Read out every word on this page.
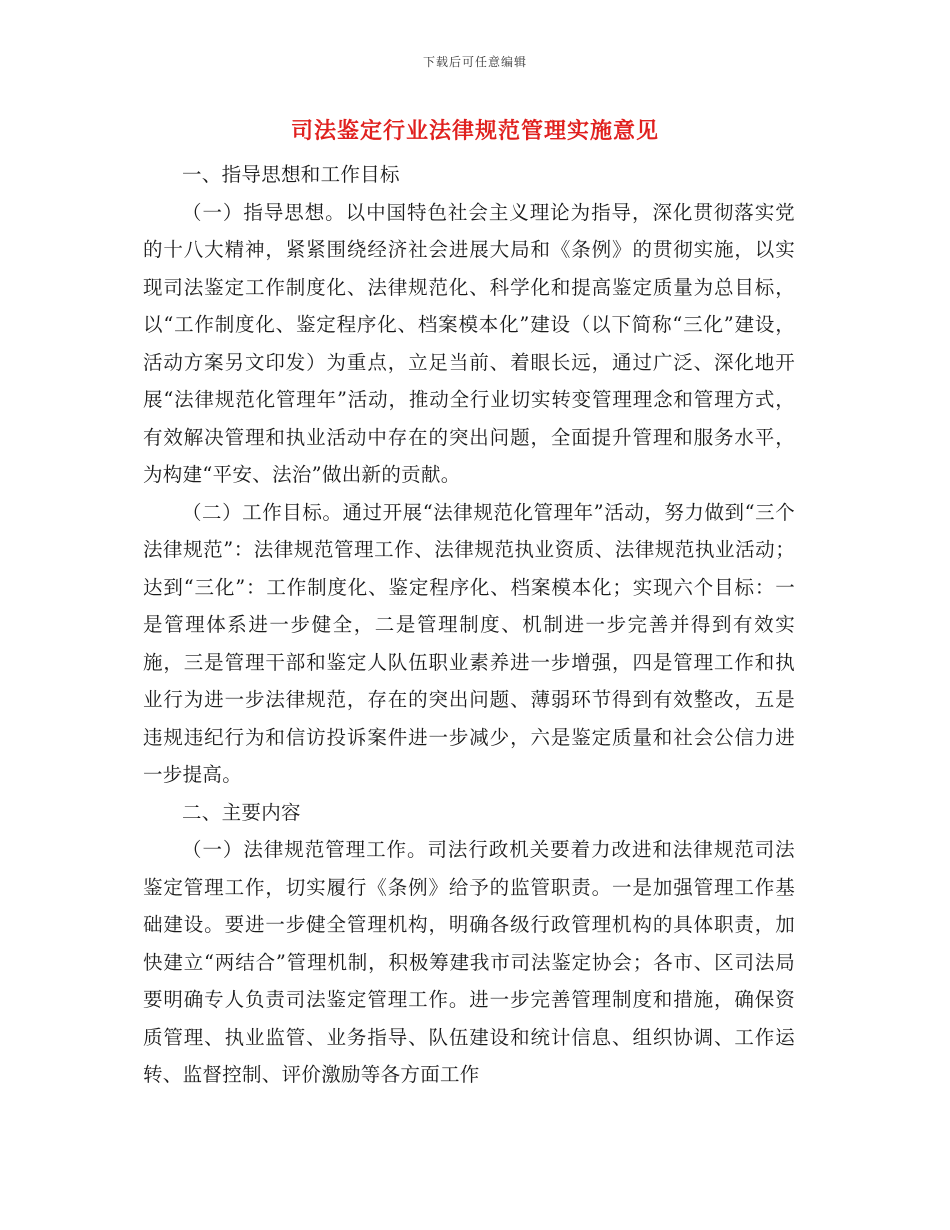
下载后可任意编辑
司法鉴定行业法律规范管理实施意见

一、指导思想和工作目标

（一）指导思想。以中国特色社会主义理论为指导，深化贯彻落实党的十八大精神，紧紧围绕经济社会进展大局和《条例》的贯彻实施，以实现司法鉴定工作制度化、法律规范化、科学化和提高鉴定质量为总目标，以“工作制度化、鉴定程序化、档案模本化”建设（以下简称“三化”建设，活动方案另文印发）为重点，立足当前、着眼长远，通过广泛、深化地开展“法律规范化管理年”活动，推动全行业切实转变管理理念和管理方式，有效解决管理和执业活动中存在的突出问题，全面提升管理和服务水平，为构建“平安、法治”做出新的贡献。

（二）工作目标。通过开展“法律规范化管理年”活动，努力做到“三个法律规范”：法律规范管理工作、法律规范执业资质、法律规范执业活动；达到“三化”：工作制度化、鉴定程序化、档案模本化；实现六个目标：一是管理体系进一步健全，二是管理制度、机制进一步完善并得到有效实施，三是管理干部和鉴定人队伍职业素养进一步增强，四是管理工作和执业行为进一步法律规范，存在的突出问题、薄弱环节得到有效整改，五是违规违纪行为和信访投诉案件进一步减少，六是鉴定质量和社会公信力进一步提高。

二、主要内容

（一）法律规范管理工作。司法行政机关要着力改进和法律规范司法鉴定管理工作，切实履行《条例》给予的监管职责。一是加强管理工作基础建设。要进一步健全管理机构，明确各级行政管理机构的具体职责，加快建立“两结合”管理机制，积极筹建我市司法鉴定协会；各市、区司法局要明确专人负责司法鉴定管理工作。进一步完善管理制度和措施，确保资质管理、执业监管、业务指导、队伍建设和统计信息、组织协调、工作运转、监督控制、评价激励等各方面工作
